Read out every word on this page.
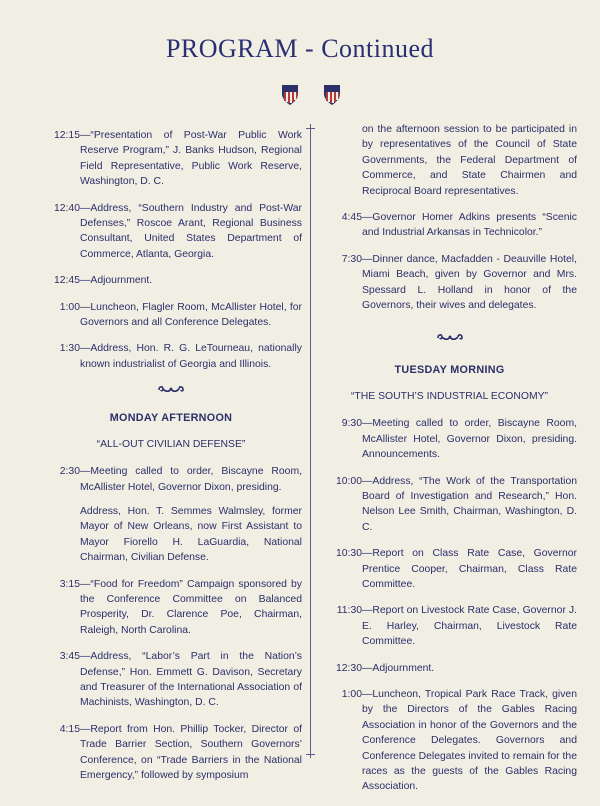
PROGRAM - Continued
12:15 —“Presentation of Post-War Public Work Reserve Program,” J. Banks Hudson, Regional Field Representative, Public Work Reserve, Washington, D. C.
12:40 —Address, “Southern Industry and Post-War Defenses,” Roscoe Arant, Regional Business Consultant, United States Department of Commerce, Atlanta, Georgia.
12:45 —Adjournment.
1:00 —Luncheon, Flagler Room, McAllister Hotel, for Governors and all Conference Delegates.
1:30 —Address, Hon. R. G. LeTourneau, nationally known industrialist of Georgia and Illinois.
MONDAY AFTERNOON
“ALL-OUT CIVILIAN DEFENSE”
2:30 —Meeting called to order, Biscayne Room, McAllister Hotel, Governor Dixon, presiding.
Address, Hon. T. Semmes Walmsley, former Mayor of New Orleans, now First Assistant to Mayor Fiorello H. LaGuardia, National Chairman, Civilian Defense.
3:15 —“Food for Freedom” Campaign sponsored by the Conference Committee on Balanced Prosperity, Dr. Clarence Poe, Chairman, Raleigh, North Carolina.
3:45 —Address, “Labor’s Part in the Nation’s Defense,” Hon. Emmett G. Davison, Secretary and Treasurer of the International Association of Machinists, Washington, D. C.
4:15 —Report from Hon. Phillip Tocker, Director of Trade Barrier Section, Southern Governors’ Conference, on “Trade Barriers in the National Emergency,” followed by symposium
on the afternoon session to be participated in by representatives of the Council of State Governments, the Federal Department of Commerce, and State Chairmen and Reciprocal Board representatives.
4:45 —Governor Homer Adkins presents “Scenic and Industrial Arkansas in Technicolor.”
7:30 —Dinner dance, Macfadden - Deauville Hotel, Miami Beach, given by Governor and Mrs. Spessard L. Holland in honor of the Governors, their wives and delegates.
TUESDAY MORNING
“THE SOUTH’S INDUSTRIAL ECONOMY”
9:30 —Meeting called to order, Biscayne Room, McAllister Hotel, Governor Dixon, presiding. Announcements.
10:00 —Address, “The Work of the Transportation Board of Investigation and Research,” Hon. Nelson Lee Smith, Chairman, Washington, D. C.
10:30 —Report on Class Rate Case, Governor Prentice Cooper, Chairman, Class Rate Committee.
11:30 —Report on Livestock Rate Case, Governor J. E. Harley, Chairman, Livestock Rate Committee.
12:30 —Adjournment.
1:00 —Luncheon, Tropical Park Race Track, given by the Directors of the Gables Racing Association in honor of the Governors and the Conference Delegates. Governors and Conference Delegates invited to remain for the races as the guests of the Gables Racing Association.
